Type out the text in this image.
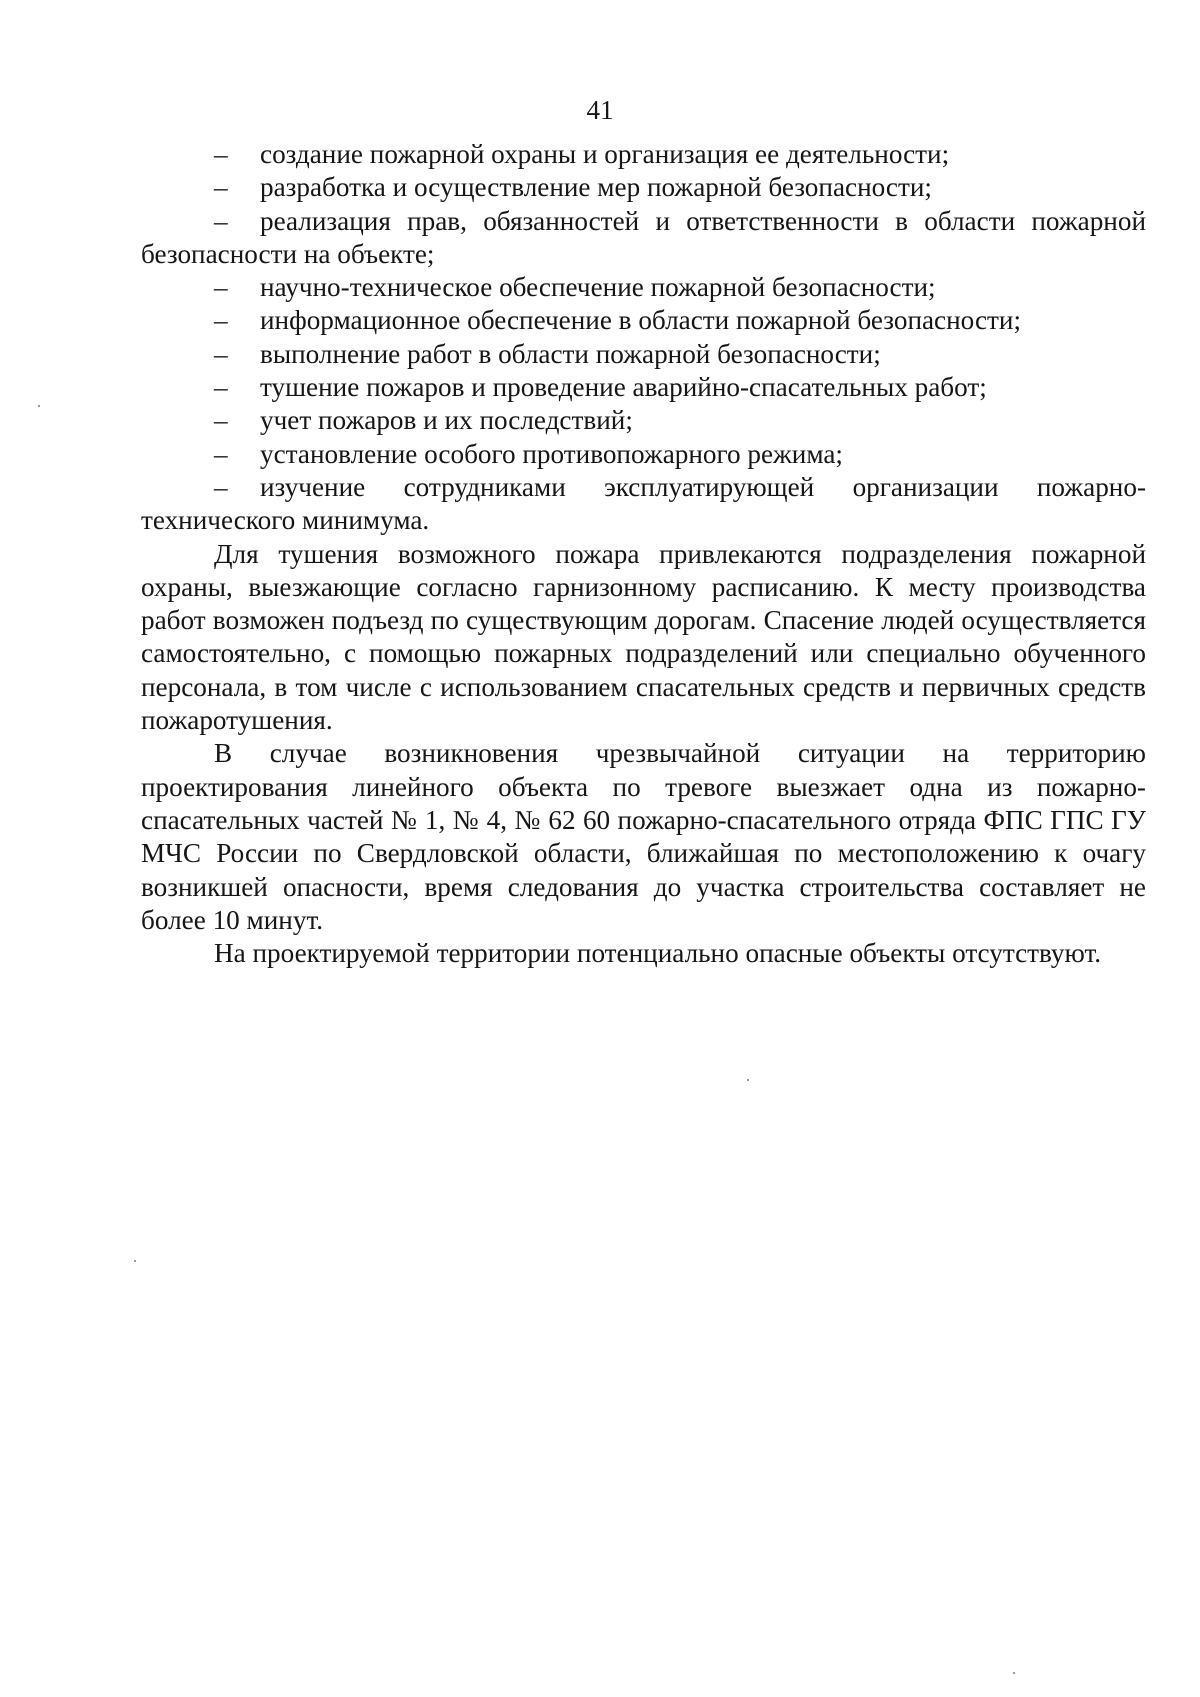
41

– создание пожарной охраны и организация ее деятельности;

– разработка и осуществление мер пожарной безопасности;

– реализация прав, обязанностей и ответственности в области пожарной безопасности на объекте;

– научно-техническое обеспечение пожарной безопасности;

– информационное обеспечение в области пожарной безопасности;

– выполнение работ в области пожарной безопасности;

– тушение пожаров и проведение аварийно-спасательных работ;

– учет пожаров и их последствий;

– установление особого противопожарного режима;

– изучение сотрудниками эксплуатирующей организации пожарно-технического минимума.

Для тушения возможного пожара привлекаются подразделения пожарной охраны, выезжающие согласно гарнизонному расписанию. К месту производства работ возможен подъезд по существующим дорогам. Спасение людей осуществляется самостоятельно, с помощью пожарных подразделений или специально обученного персонала, в том числе с использованием спасательных средств и первичных средств пожаротушения.

В случае возникновения чрезвычайной ситуации на территорию проектирования линейного объекта по тревоге выезжает одна из пожарно-спасательных частей № 1, № 4, № 62 60 пожарно-спасательного отряда ФПС ГПС ГУ МЧС России по Свердловской области, ближайшая по местоположению к очагу возникшей опасности, время следования до участка строительства составляет не более 10 минут.

На проектируемой территории потенциально опасные объекты отсутствуют.
